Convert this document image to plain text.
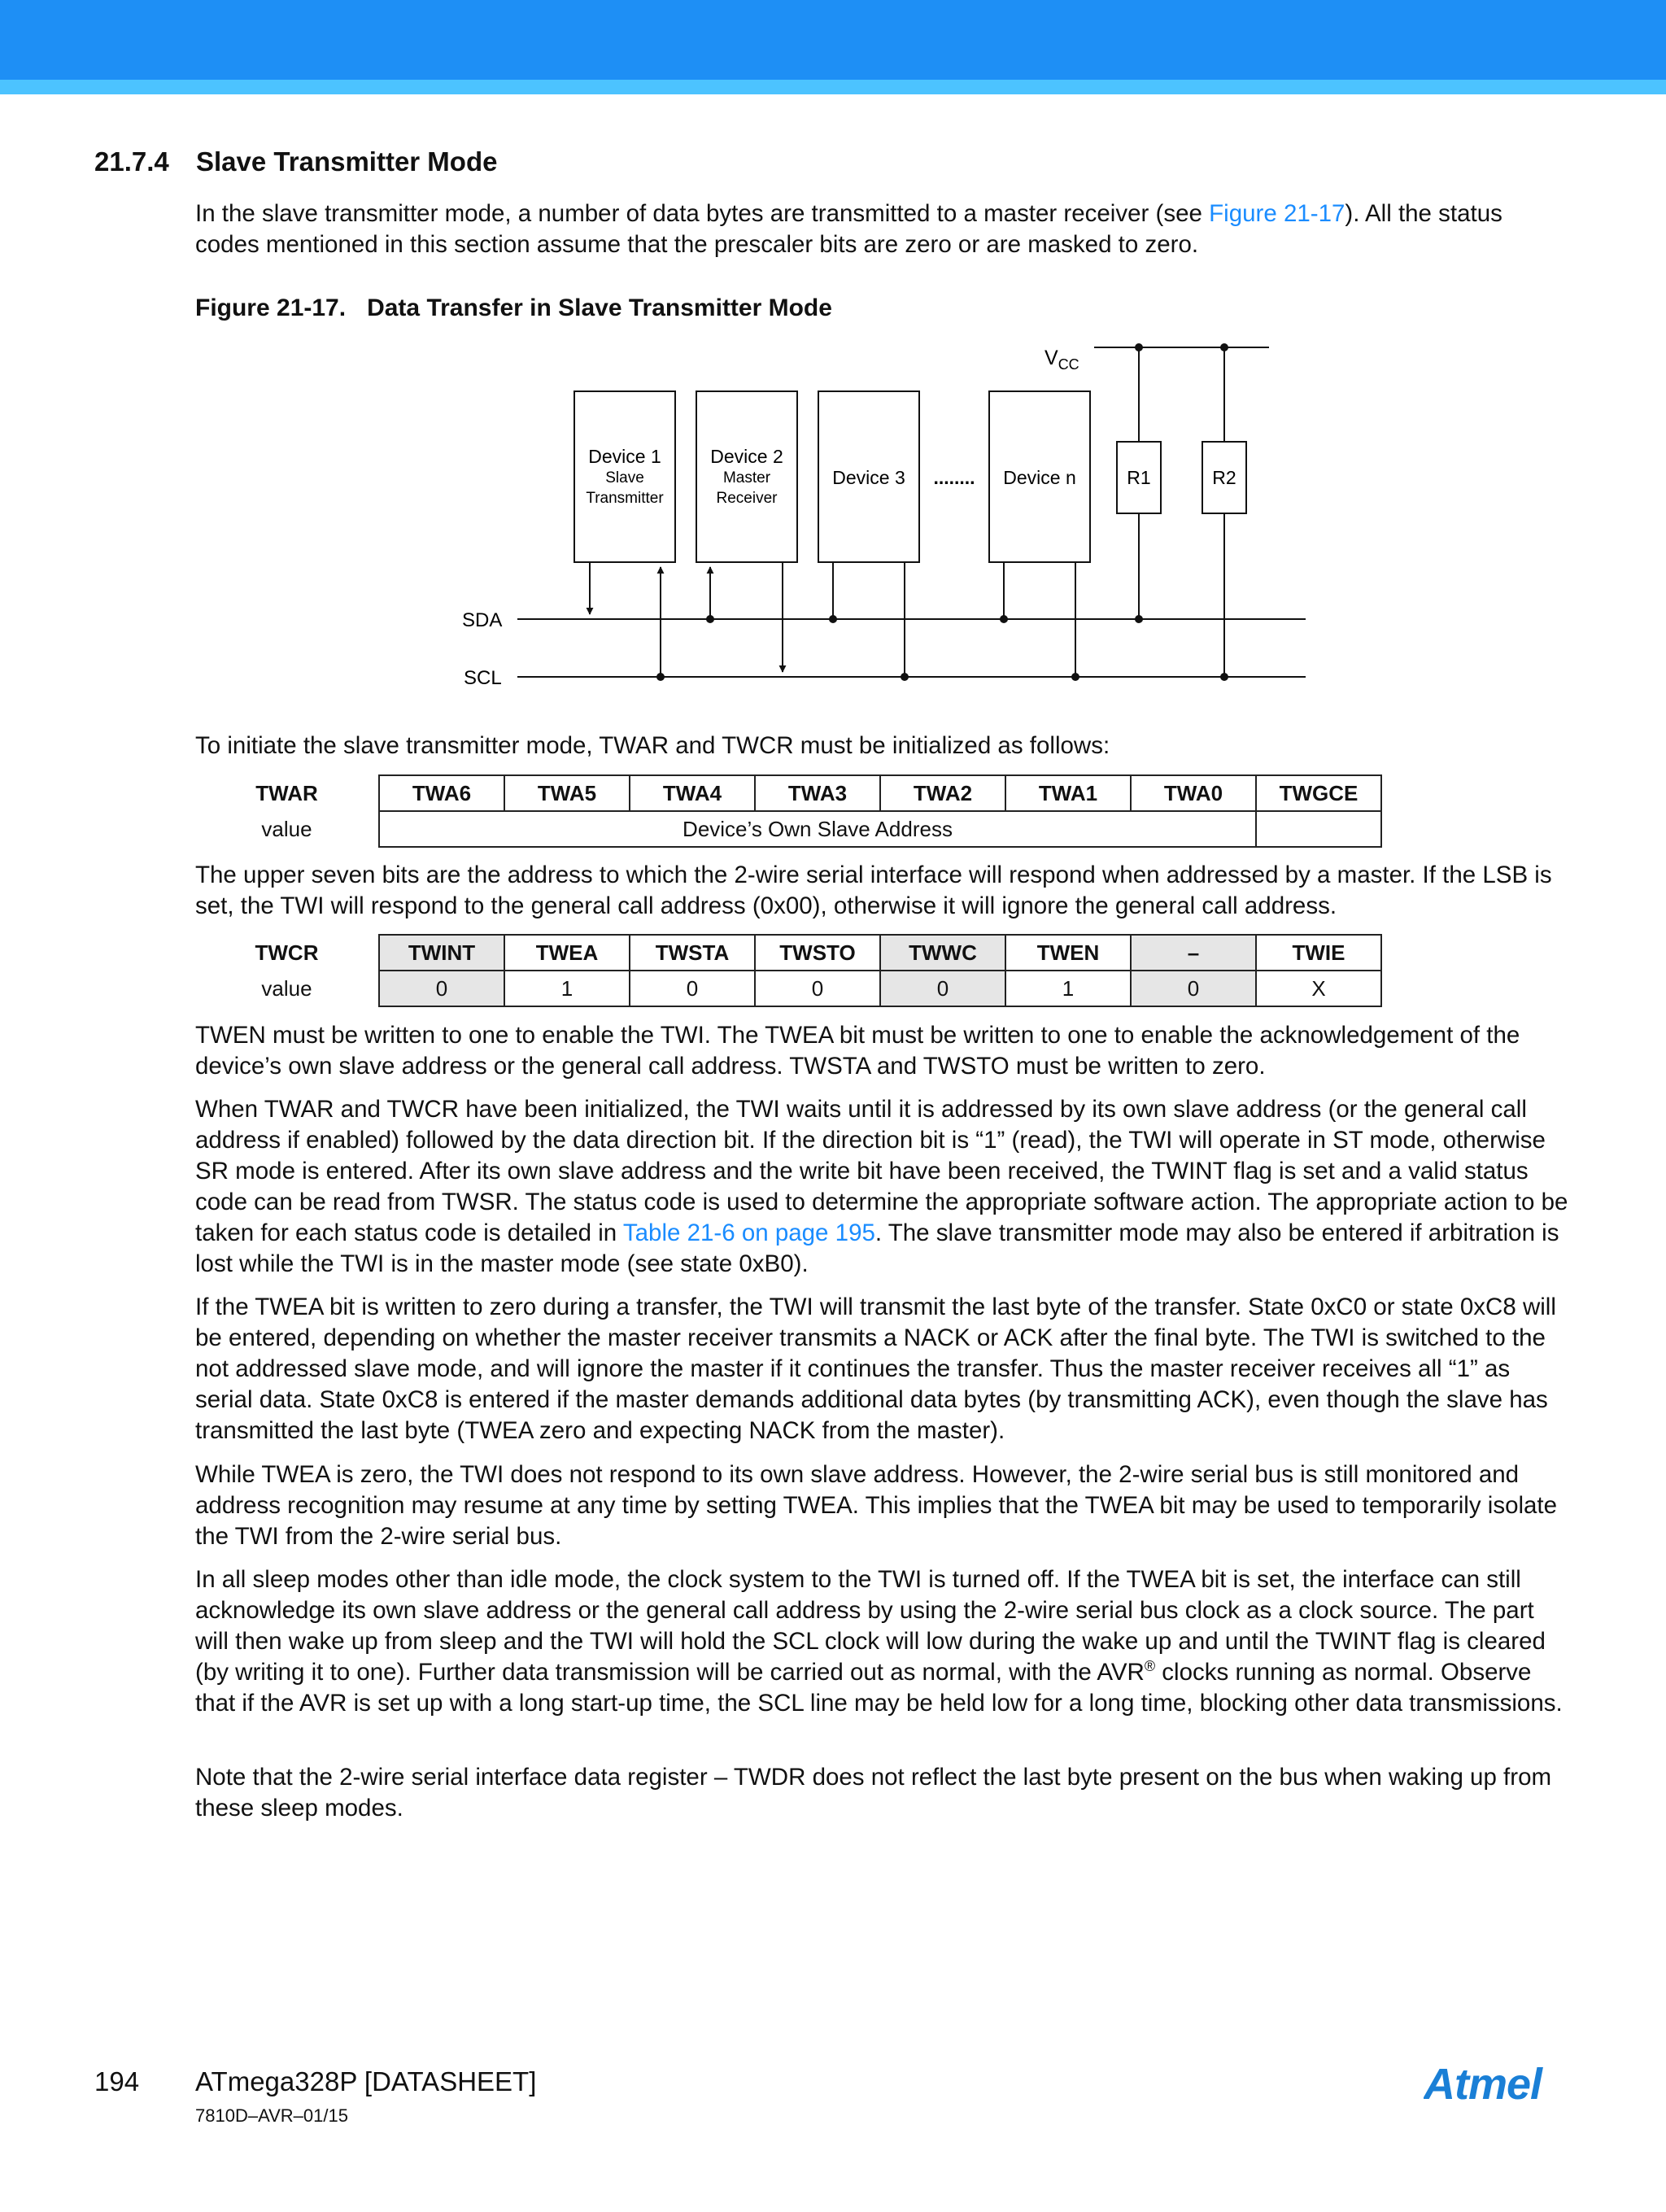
21.7.4 Slave Transmitter Mode

In the slave transmitter mode, a number of data bytes are transmitted to a master receiver (see Figure 21-17). All the status codes mentioned in this section assume that the prescaler bits are zero or are masked to zero.

Figure 21-17. Data Transfer in Slave Transmitter Mode
$V_{CC}$
SDA
SCL
Device 1
Slave
Transmitter
Device 2
Master
Receiver
Device 3	Device n	R1	R2
........

To initiate the slave transmitter mode, TWAR and TWCR must be initialized as follows:

TWAR	TWA6	TWA5	TWA4	TWA3	TWA2	TWA1	TWA0	TWGCE
value	Device’s Own Slave Address							

The upper seven bits are the address to which the 2-wire serial interface will respond when addressed by a master. If the LSB is set, the TWI will respond to the general call address (0x00), otherwise it will ignore the general call address.

TWCR	TWINT	TWEA	TWSTA	TWSTO	TWWC	TWEN	–	TWIE
value	0	1	0	0	0	1	0	X

TWEN must be written to one to enable the TWI. The TWEA bit must be written to one to enable the acknowledgement of the device’s own slave address or the general call address. TWSTA and TWSTO must be written to zero.

When TWAR and TWCR have been initialized, the TWI waits until it is addressed by its own slave address (or the general call address if enabled) followed by the data direction bit. If the direction bit is “1” (read), the TWI will operate in ST mode, otherwise SR mode is entered. After its own slave address and the write bit have been received, the TWINT flag is set and a valid status code can be read from TWSR. The status code is used to determine the appropriate software action. The appropriate action to be taken for each status code is detailed in Table 21-6 on page 195. The slave transmitter mode may also be entered if arbitration is lost while the TWI is in the master mode (see state 0xB0).

If the TWEA bit is written to zero during a transfer, the TWI will transmit the last byte of the transfer. State 0xC0 or state 0xC8 will be entered, depending on whether the master receiver transmits a NACK or ACK after the final byte. The TWI is switched to the not addressed slave mode, and will ignore the master if it continues the transfer. Thus the master receiver receives all “1” as serial data. State 0xC8 is entered if the master demands additional data bytes (by transmitting ACK), even though the slave has transmitted the last byte (TWEA zero and expecting NACK from the master).

While TWEA is zero, the TWI does not respond to its own slave address. However, the 2-wire serial bus is still monitored and address recognition may resume at any time by setting TWEA. This implies that the TWEA bit may be used to temporarily isolate the TWI from the 2-wire serial bus.

In all sleep modes other than idle mode, the clock system to the TWI is turned off. If the TWEA bit is set, the interface can still acknowledge its own slave address or the general call address by using the 2-wire serial bus clock as a clock source. The part will then wake up from sleep and the TWI will hold the SCL clock will low during the wake up and until the TWINT flag is cleared (by writing it to one). Further data transmission will be carried out as normal, with the AVR® clocks running as normal. Observe that if the AVR is set up with a long start-up time, the SCL line may be held low for a long time, blocking other data transmissions.

Note that the 2-wire serial interface data register – TWDR does not reflect the last byte present on the bus when waking up from these sleep modes.

194 ATmega328P [DATASHEET]
7810D–AVR–01/15
Atmel
